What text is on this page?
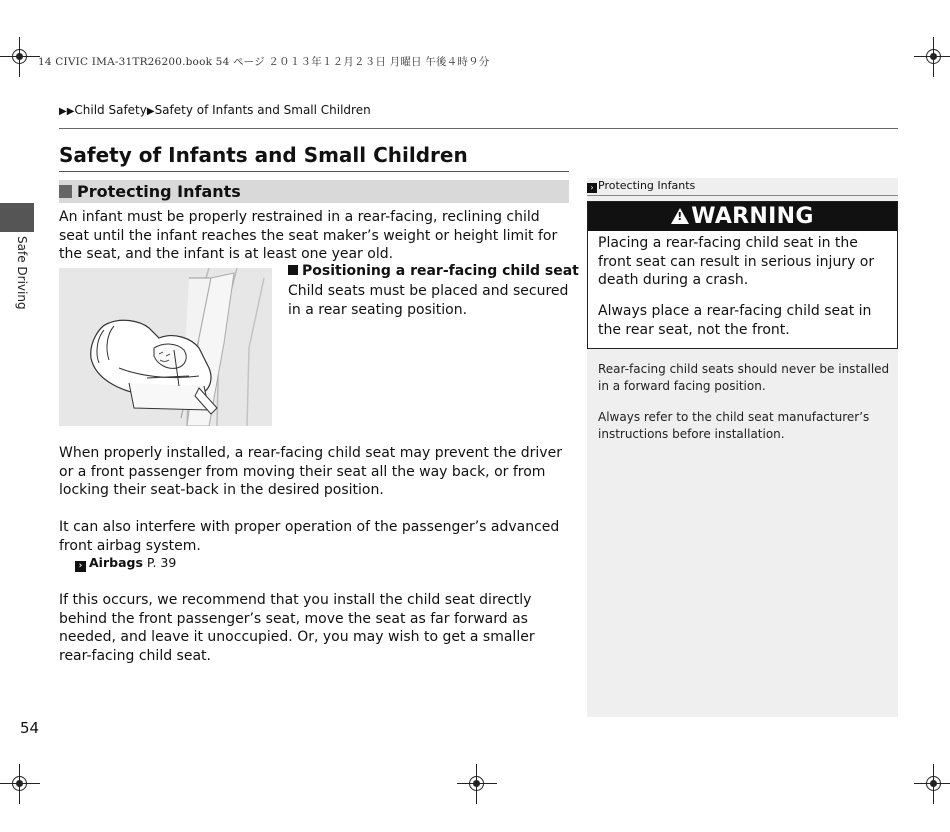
14 CIVIC IMA-31TR26200.book 54 ページ ２０１３年１２月２３日 月曜日 午後４時９分
▶▶Child Safety▶Safety of Infants and Small Children
Safety of Infants and Small Children
Protecting Infants
An infant must be properly restrained in a rear-facing, reclining child seat until the infant reaches the seat maker’s weight or height limit for the seat, and the infant is at least one year old.
Positioning a rear-facing child seat
Child seats must be placed and secured in a rear seating position.
When properly installed, a rear-facing child seat may prevent the driver or a front passenger from moving their seat all the way back, or from locking their seat-back in the desired position.
It can also interfere with proper operation of the passenger’s advanced front airbag system.
› Airbags P. 39
If this occurs, we recommend that you install the child seat directly behind the front passenger’s seat, move the seat as far forward as needed, and leave it unoccupied. Or, you may wish to get a smaller rear-facing child seat.
Safe Driving
54
› Protecting Infants
!WARNING
Placing a rear-facing child seat in the front seat can result in serious injury or death during a crash.
Always place a rear-facing child seat in the rear seat, not the front.
Rear-facing child seats should never be installed in a forward facing position.
Always refer to the child seat manufacturer’s instructions before installation.
